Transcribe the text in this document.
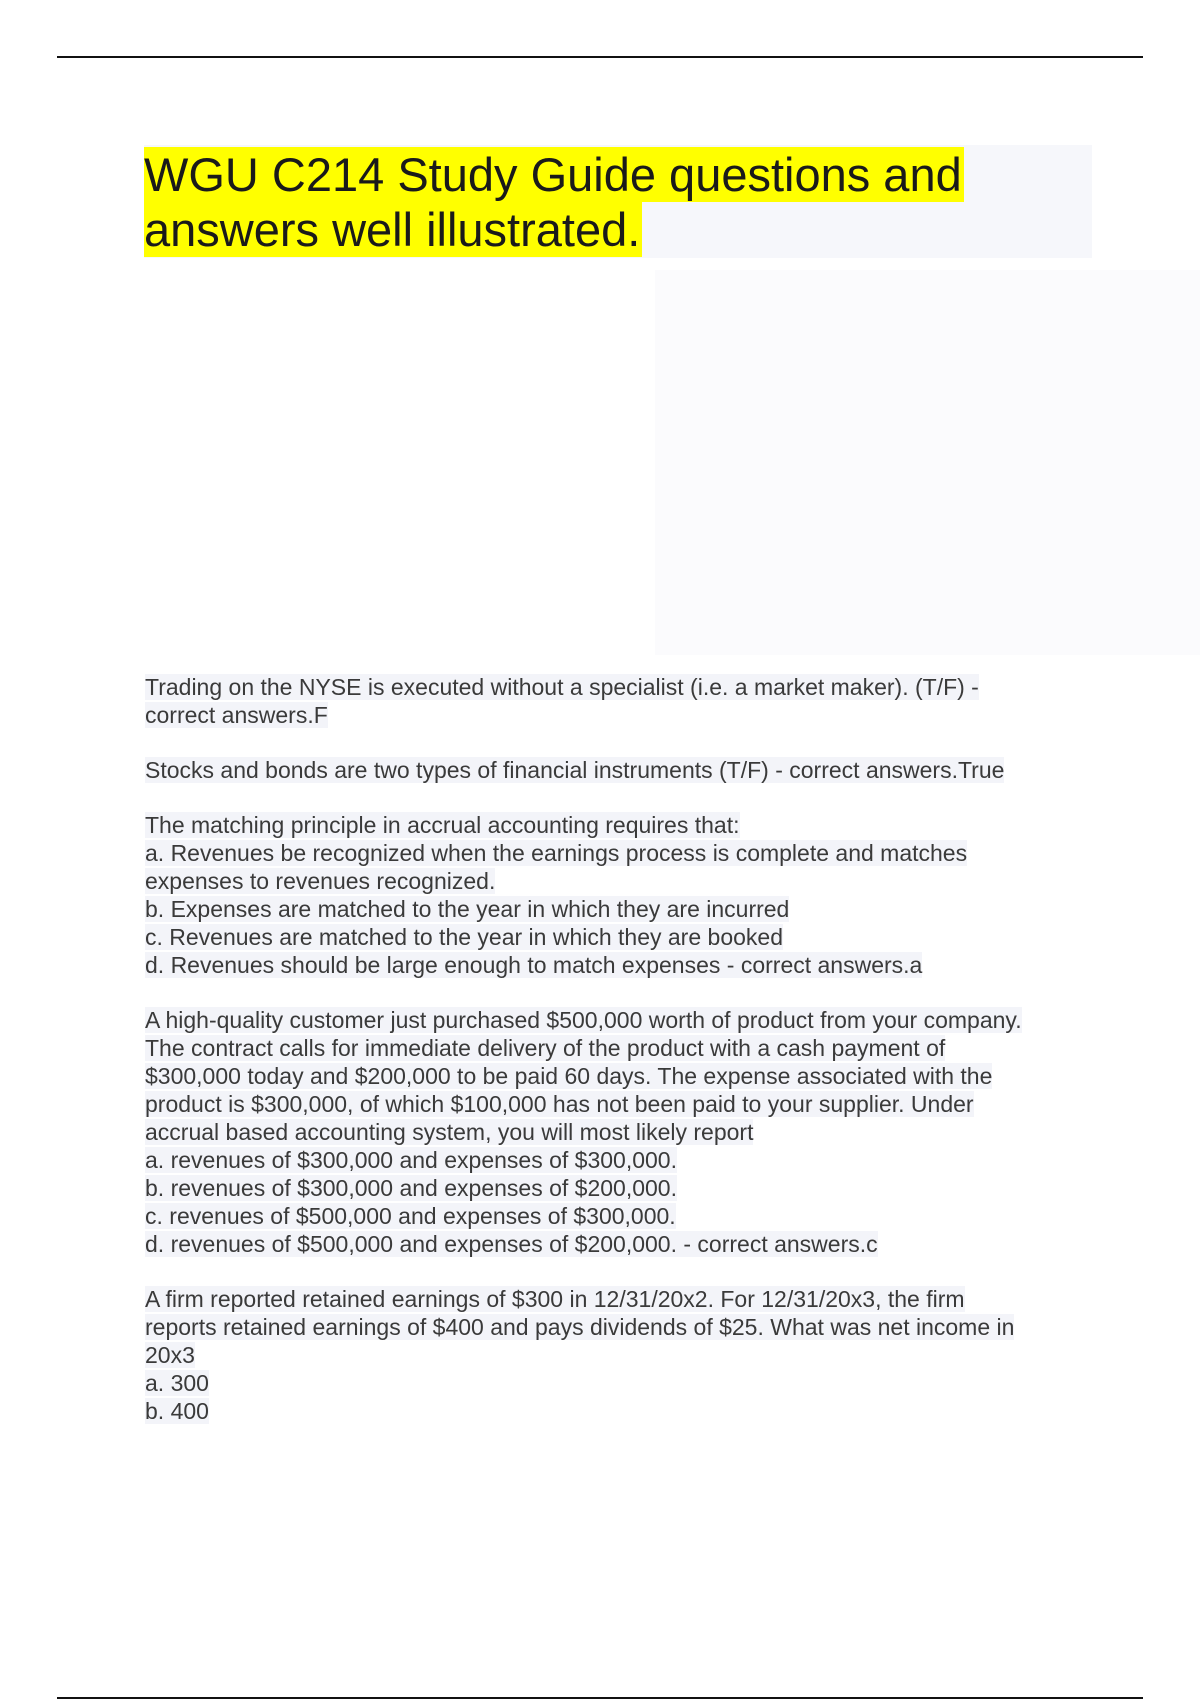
WGU C214 Study Guide questions and
answers well illustrated.
Trading on the NYSE is executed without a specialist (i.e. a market maker). (T/F) -
correct answers.F
Stocks and bonds are two types of financial instruments (T/F) - correct answers.True
The matching principle in accrual accounting requires that:
a. Revenues be recognized when the earnings process is complete and matches
expenses to revenues recognized.
b. Expenses are matched to the year in which they are incurred
c. Revenues are matched to the year in which they are booked
d. Revenues should be large enough to match expenses - correct answers.a
A high-quality customer just purchased $500,000 worth of product from your company.
The contract calls for immediate delivery of the product with a cash payment of
$300,000 today and $200,000 to be paid 60 days. The expense associated with the
product is $300,000, of which $100,000 has not been paid to your supplier. Under
accrual based accounting system, you will most likely report
a. revenues of $300,000 and expenses of $300,000.
b. revenues of $300,000 and expenses of $200,000.
c. revenues of $500,000 and expenses of $300,000.
d. revenues of $500,000 and expenses of $200,000. - correct answers.c
A firm reported retained earnings of $300 in 12/31/20x2. For 12/31/20x3, the firm
reports retained earnings of $400 and pays dividends of $25. What was net income in
20x3
a. 300
b. 400
